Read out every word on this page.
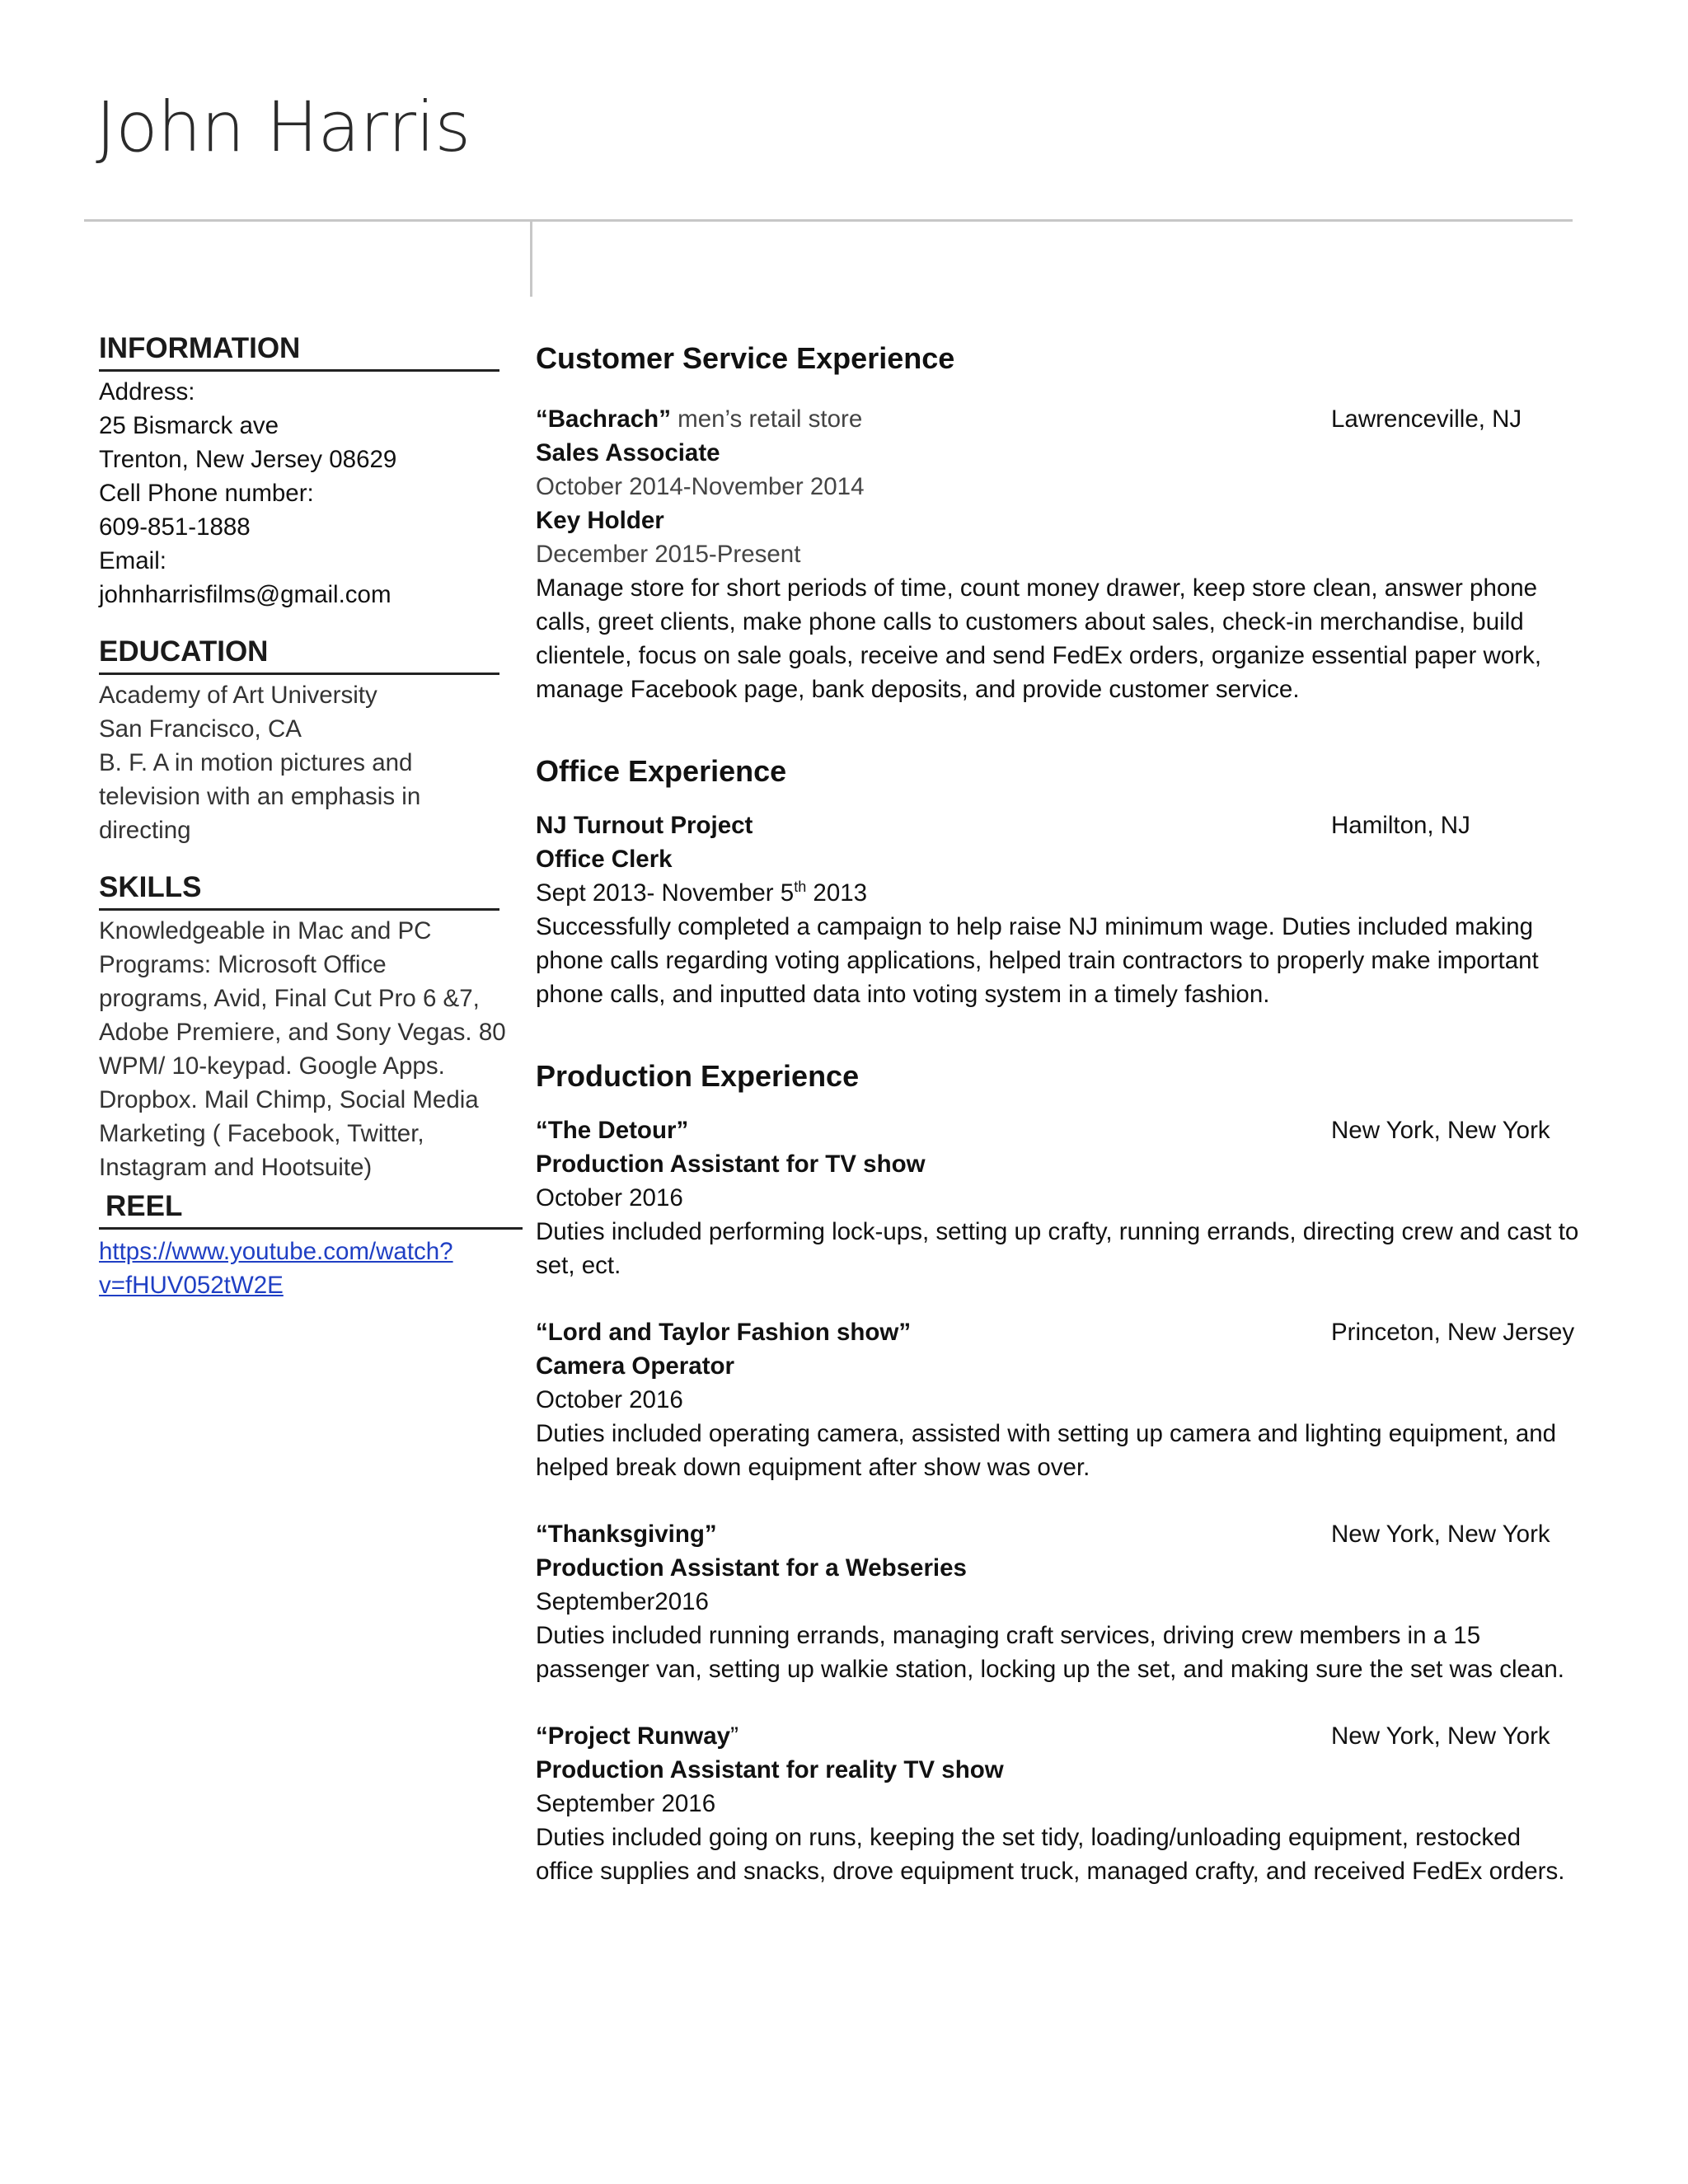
John Harris
INFORMATION
Address:
25 Bismarck ave
Trenton, New Jersey 08629
Cell Phone number:
609-851-1888
Email:
johnharrisfilms@gmail.com
EDUCATION
Academy of Art University
San Francisco, CA
B. F. A in motion pictures and
television with an emphasis in
directing
SKILLS
Knowledgeable in Mac and PC
Programs: Microsoft Office
programs, Avid, Final Cut Pro 6 &7,
Adobe Premiere, and Sony Vegas. 80
WPM/ 10-keypad. Google Apps.
Dropbox. Mail Chimp, Social Media
Marketing ( Facebook, Twitter,
Instagram and Hootsuite)
REEL
https://www.youtube.com/watch?
v=fHUV052tW2E
Customer Service Experience
“Bachrach” men’s retail store	Lawrenceville, NJ
Sales Associate
October 2014-November 2014
Key Holder
December 2015-Present
Manage store for short periods of time, count money drawer, keep store clean, answer phone calls, greet clients, make phone calls to customers about sales, check-in merchandise, build clientele, focus on sale goals, receive and send FedEx orders, organize essential paper work, manage Facebook page, bank deposits, and provide customer service.
Office Experience
NJ Turnout Project	Hamilton, NJ
Office Clerk
Sept 2013- November 5th 2013
Successfully completed a campaign to help raise NJ minimum wage. Duties included making phone calls regarding voting applications, helped train contractors to properly make important phone calls, and inputted data into voting system in a timely fashion.
Production Experience
“The Detour”	New York, New York
Production Assistant for TV show
October 2016
Duties included performing lock-ups, setting up crafty, running errands, directing crew and cast to set, ect.
“Lord and Taylor Fashion show”	Princeton, New Jersey
Camera Operator
October 2016
Duties included operating camera, assisted with setting up camera and lighting equipment, and helped break down equipment after show was over.
“Thanksgiving”	New York, New York
Production Assistant for a Webseries
September2016
Duties included running errands, managing craft services, driving crew members in a 15 passenger van, setting up walkie station, locking up the set, and making sure the set was clean.
“Project Runway”	New York, New York
Production Assistant for reality TV show
September 2016
Duties included going on runs, keeping the set tidy, loading/unloading equipment, restocked office supplies and snacks, drove equipment truck, managed crafty, and received FedEx orders.
